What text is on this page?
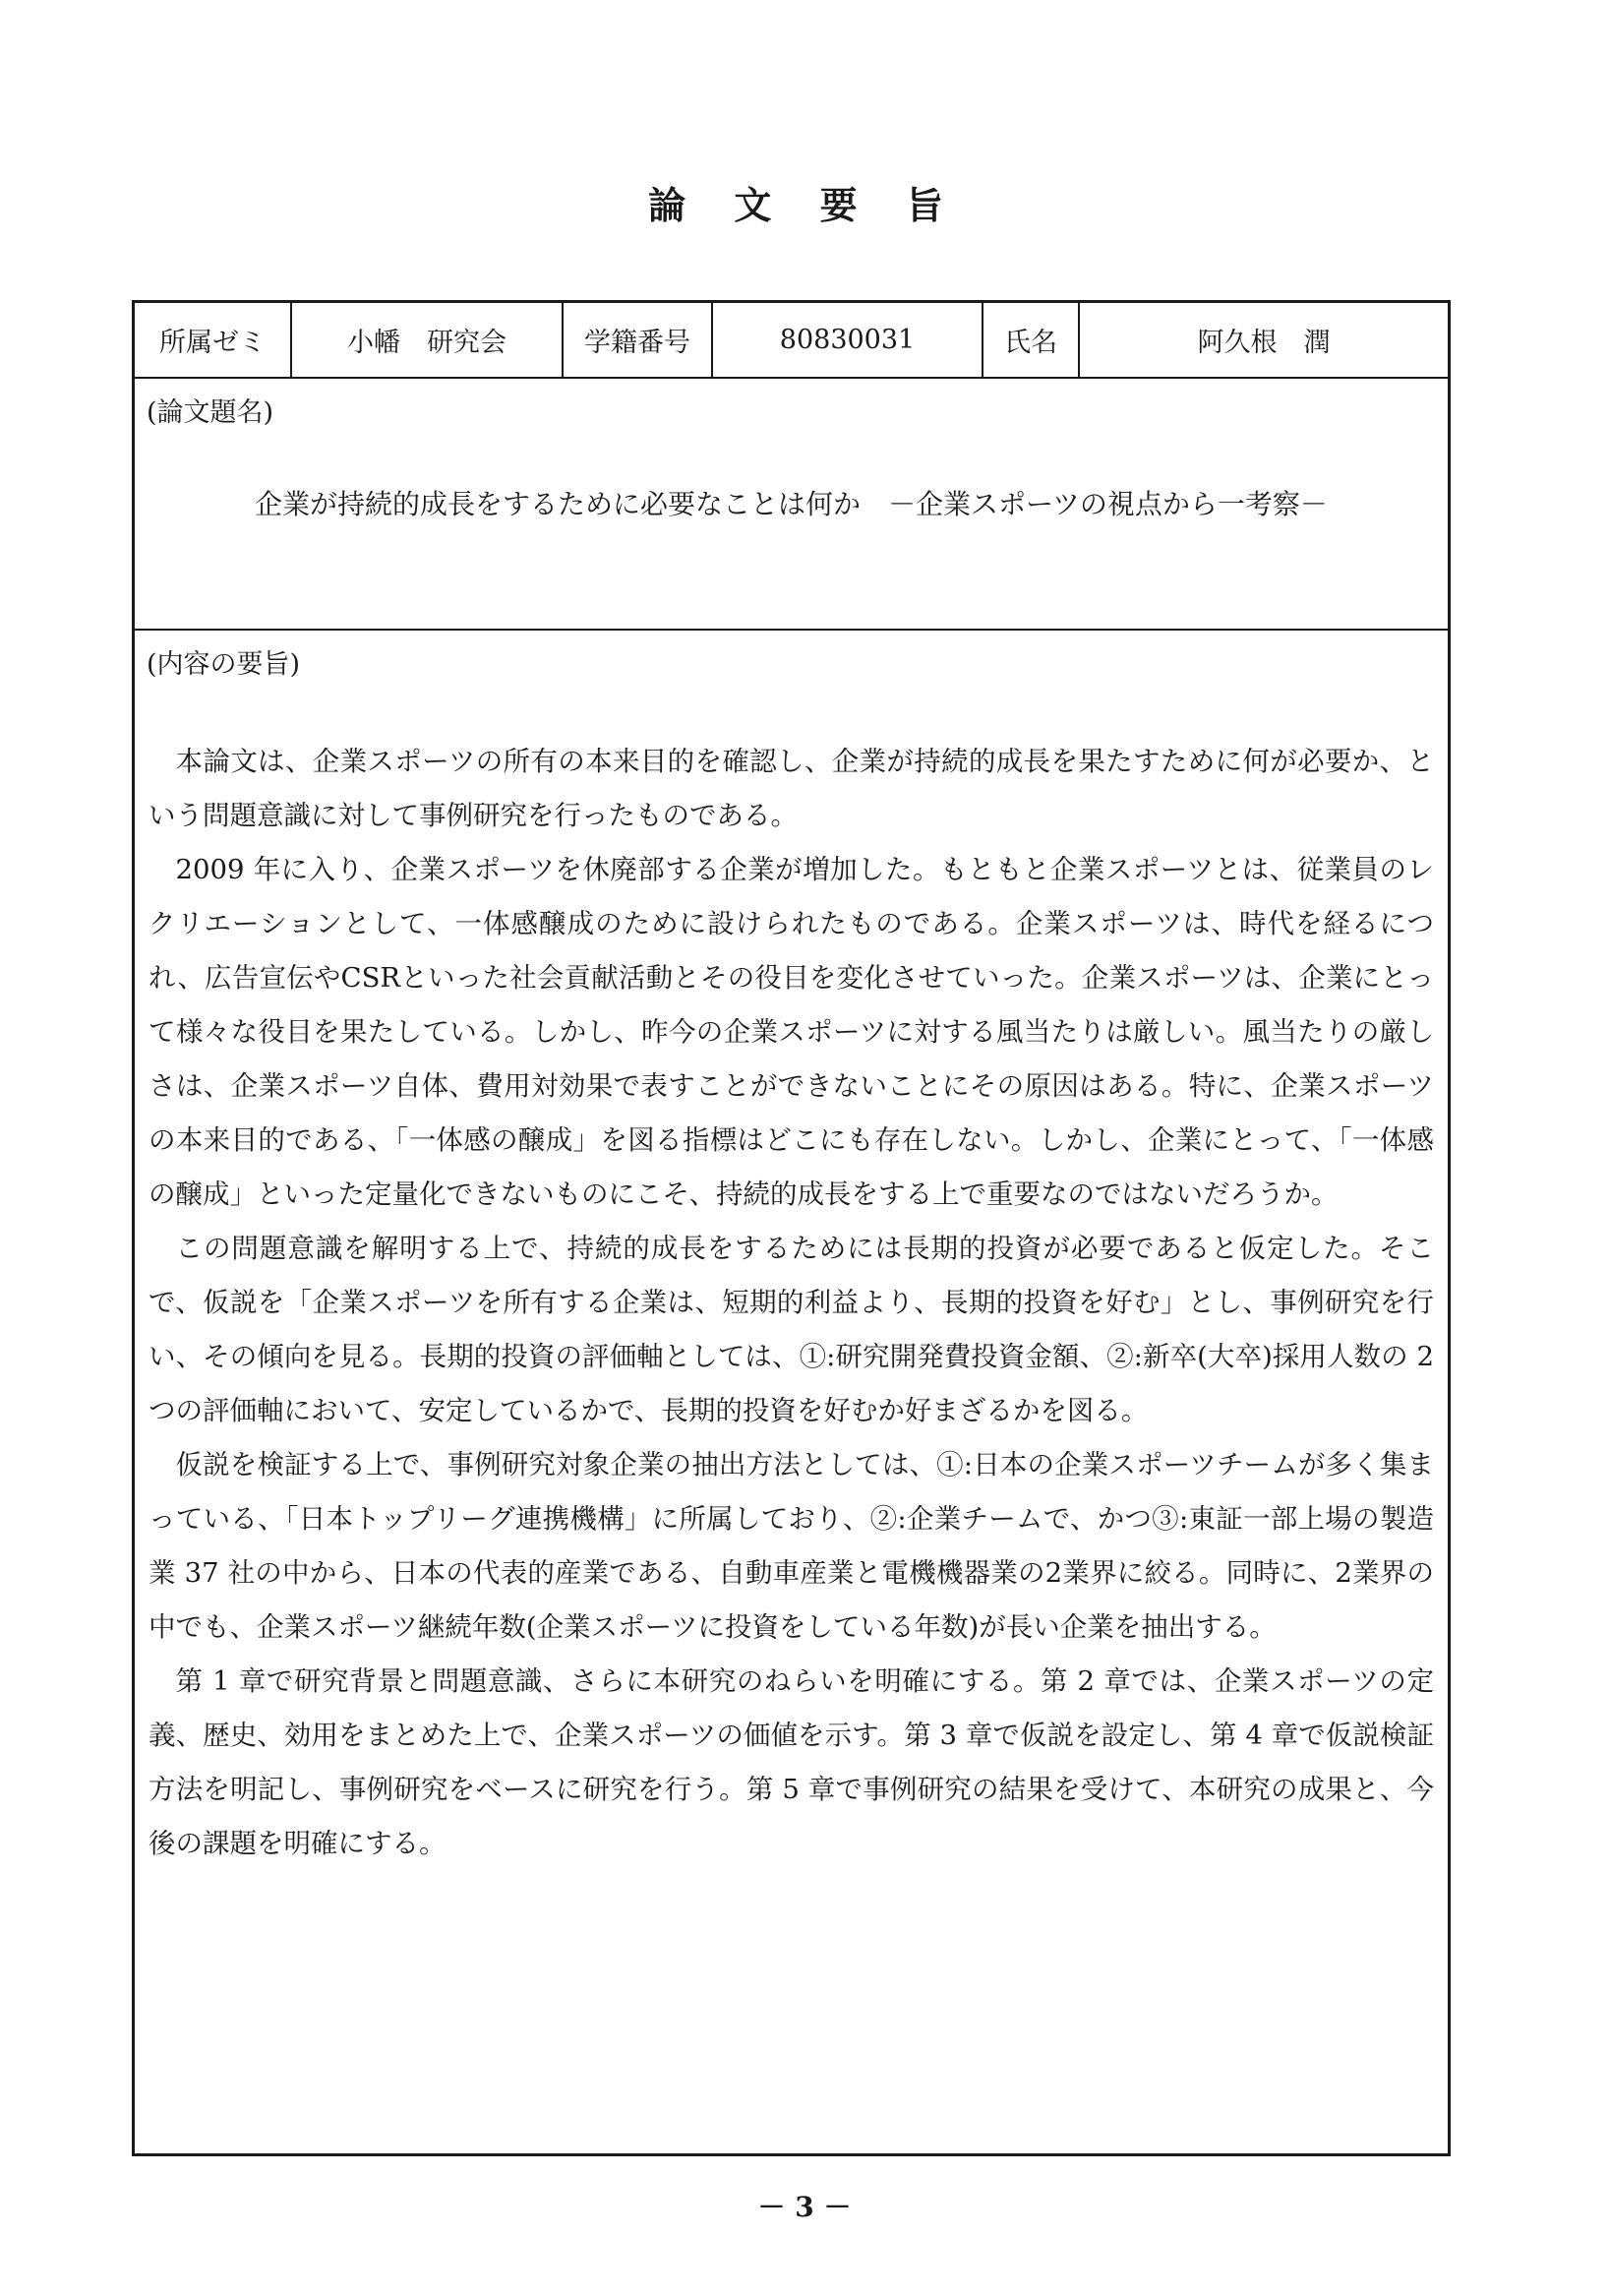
論 文 要 旨
所属ゼミ	小幡　研究会	学籍番号	80830031	氏名	阿久根　潤
(論文題名)
企業が持続的成長をするために必要なことは何か　－企業スポーツの視点から一考察－
(内容の要旨)

本論文は、企業スポーツの所有の本来目的を確認し、企業が持続的成長を果たすために何が必要か、という問題意識に対して事例研究を行ったものである。

2009 年に入り、企業スポーツを休廃部する企業が増加した。もともと企業スポーツとは、従業員のレクリエーションとして、一体感醸成のために設けられたものである。企業スポーツは、時代を経るにつれ、広告宣伝やCSRといった社会貢献活動とその役目を変化させていった。企業スポーツは、企業にとって様々な役目を果たしている。しかし、昨今の企業スポーツに対する風当たりは厳しい。風当たりの厳しさは、企業スポーツ自体、費用対効果で表すことができないことにその原因はある。特に、企業スポーツの本来目的である、「一体感の醸成」を図る指標はどこにも存在しない。しかし、企業にとって、「一体感の醸成」といった定量化できないものにこそ、持続的成長をする上で重要なのではないだろうか。

この問題意識を解明する上で、持続的成長をするためには長期的投資が必要であると仮定した。そこで、仮説を「企業スポーツを所有する企業は、短期的利益より、長期的投資を好む」とし、事例研究を行い、その傾向を見る。長期的投資の評価軸としては、①:研究開発費投資金額、②:新卒(大卒)採用人数の 2 つの評価軸において、安定しているかで、長期的投資を好むか好まざるかを図る。

仮説を検証する上で、事例研究対象企業の抽出方法としては、①:日本の企業スポーツチームが多く集まっている、「日本トップリーグ連携機構」に所属しており、②:企業チームで、かつ③:東証一部上場の製造業 37 社の中から、日本の代表的産業である、自動車産業と電機機器業の2業界に絞る。同時に、2業界の中でも、企業スポーツ継続年数(企業スポーツに投資をしている年数)が長い企業を抽出する。

第 1 章で研究背景と問題意識、さらに本研究のねらいを明確にする。第 2 章では、企業スポーツの定義、歴史、効用をまとめた上で、企業スポーツの価値を示す。第 3 章で仮説を設定し、第 4 章で仮説検証方法を明記し、事例研究をベースに研究を行う。第 5 章で事例研究の結果を受けて、本研究の成果と、今後の課題を明確にする。

－ 3 －
